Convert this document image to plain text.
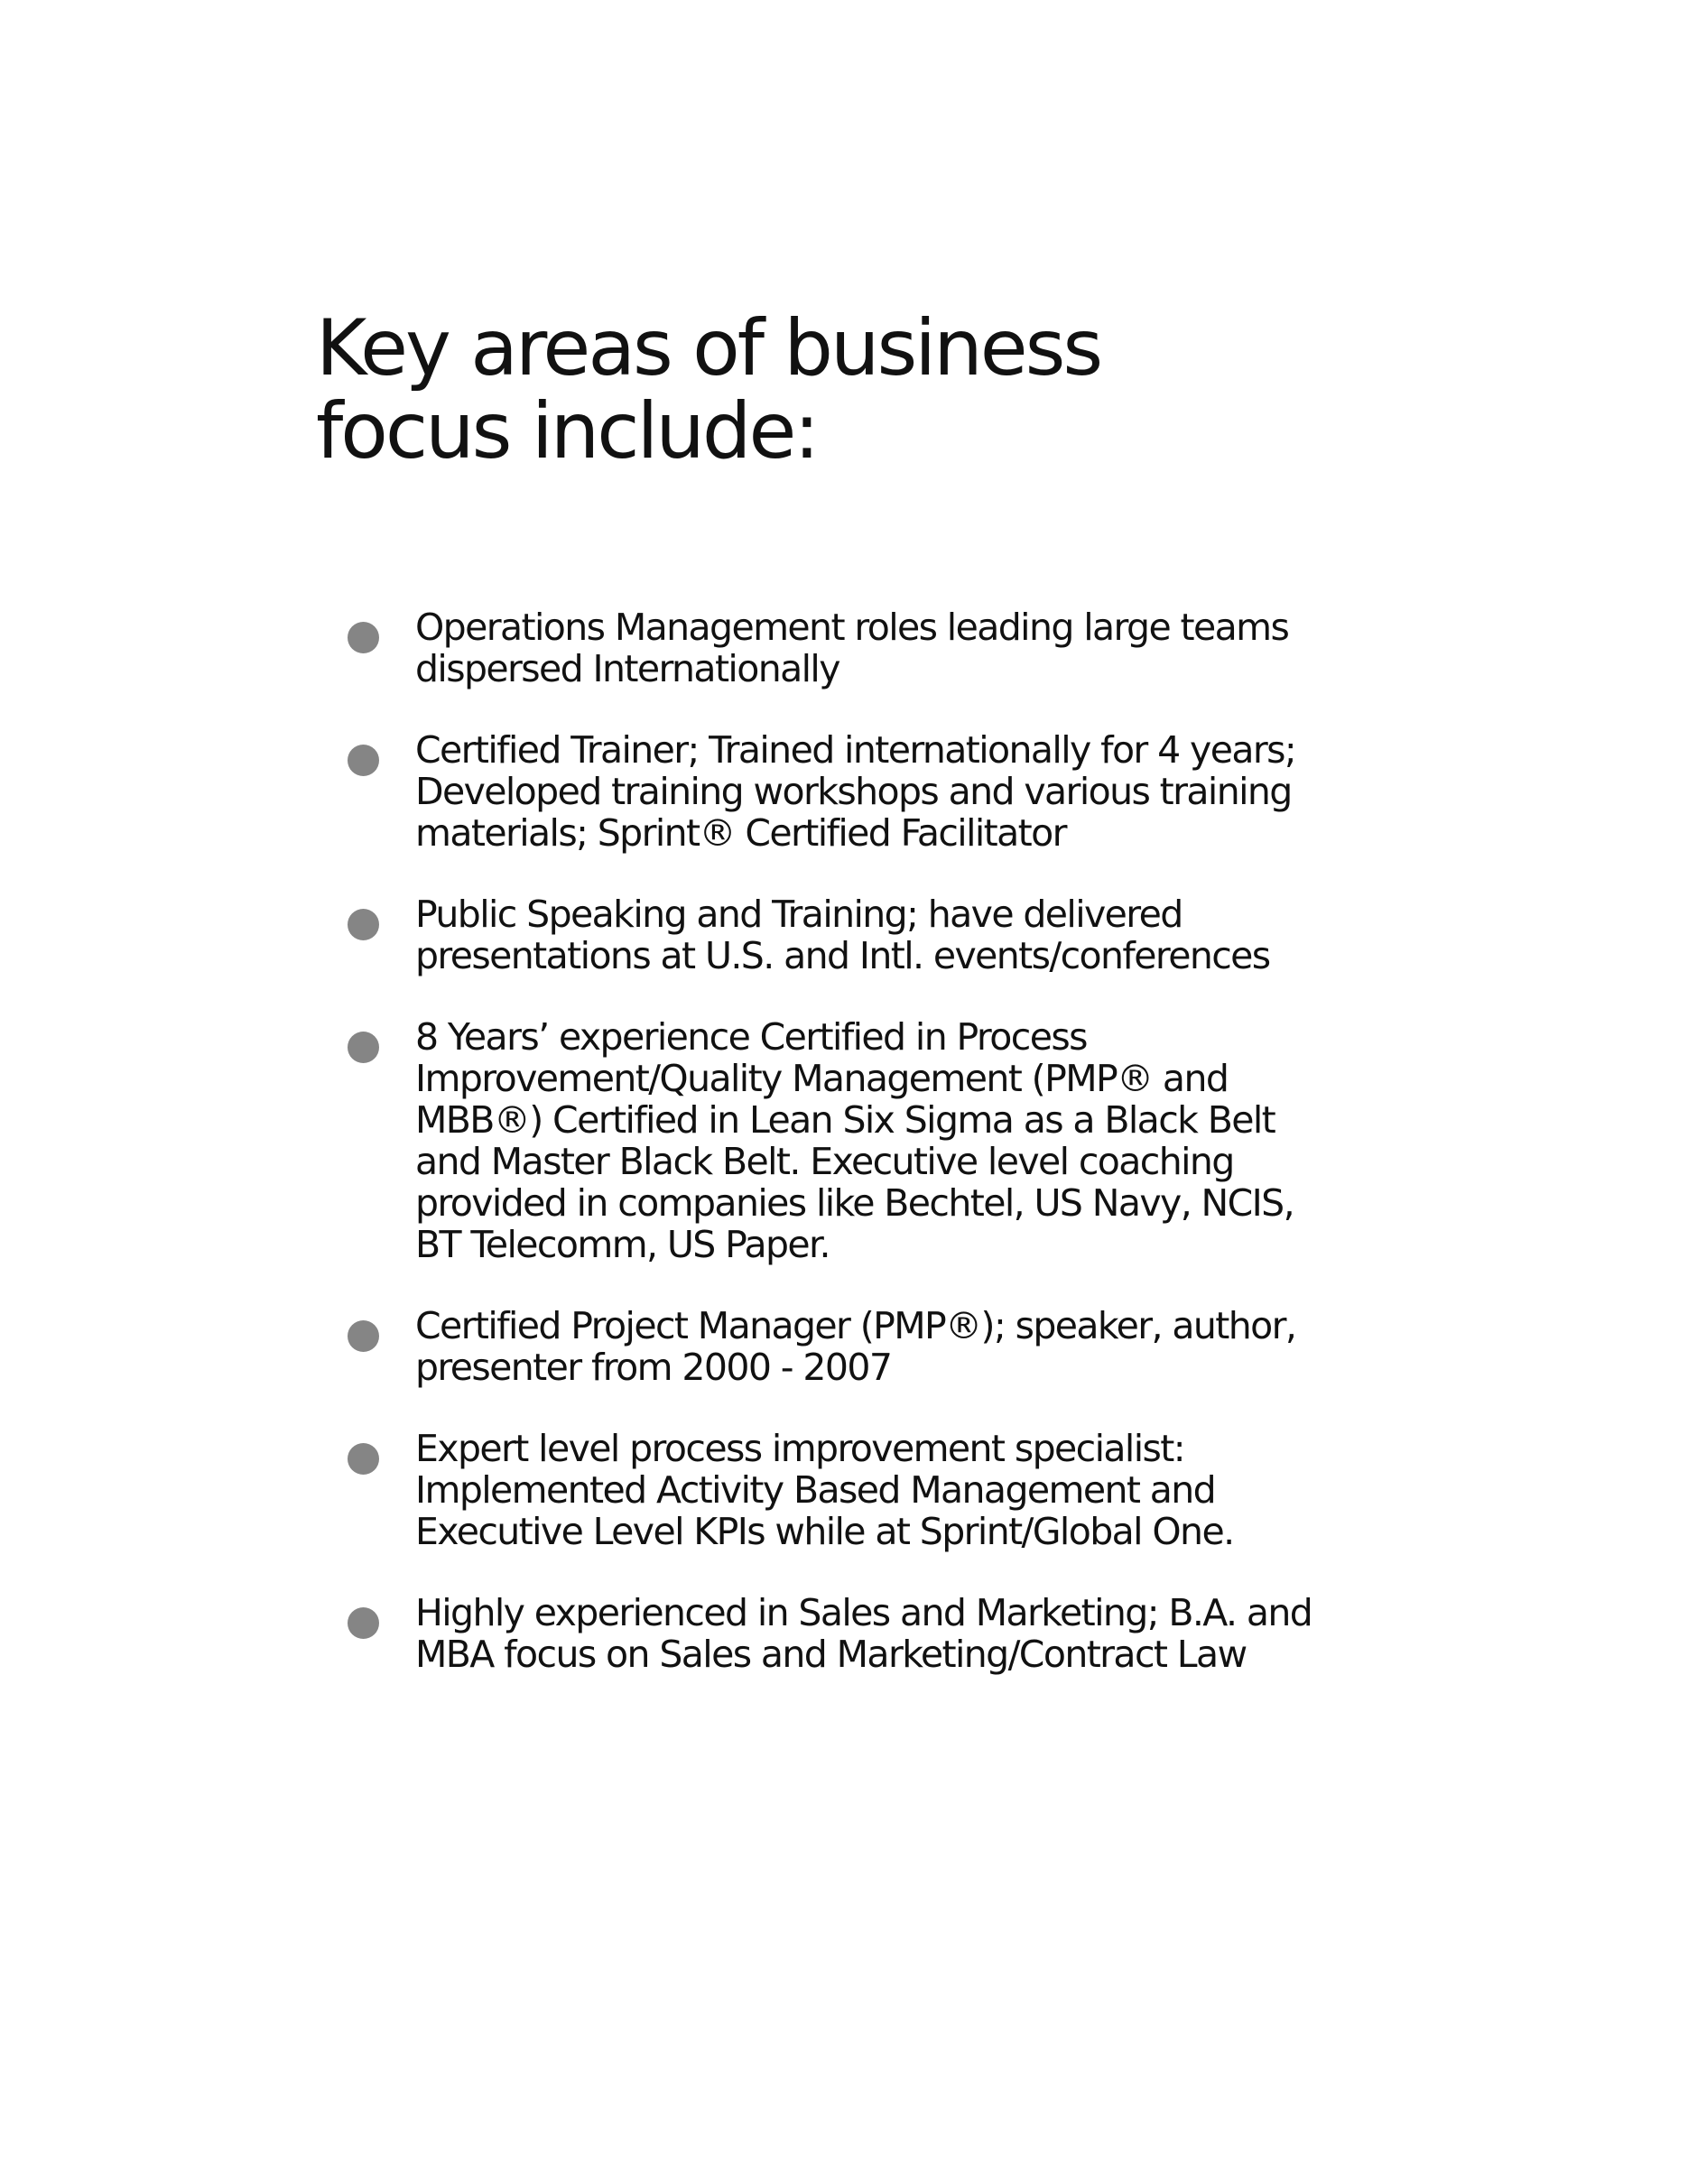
Key areas of business
focus include:
Operations Management roles leading large teams
dispersed Internationally
Certified Trainer; Trained internationally for 4 years;
Developed training workshops and various training
materials; Sprint® Certified Facilitator
Public Speaking and Training; have delivered
presentations at U.S. and Intl. events/conferences
8 Years’ experience Certified in Process
Improvement/Quality Management (PMP® and
MBB®) Certified in Lean Six Sigma as a Black Belt
and Master Black Belt. Executive level coaching
provided in companies like Bechtel, US Navy, NCIS,
BT Telecomm, US Paper.
Certified Project Manager (PMP®); speaker, author,
presenter from 2000 - 2007
Expert level process improvement specialist:
Implemented Activity Based Management and
Executive Level KPIs while at Sprint/Global One.
Highly experienced in Sales and Marketing; B.A. and
MBA focus on Sales and Marketing/Contract Law
